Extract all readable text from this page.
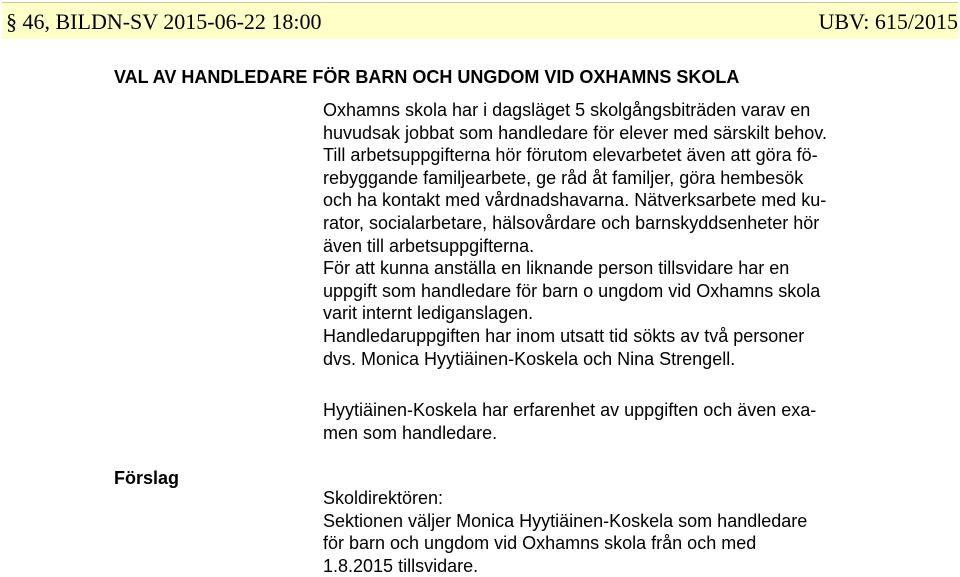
§ 46, BILDN-SV 2015-06-22 18:00	UBV: 615/2015
VAL AV HANDLEDARE FÖR BARN OCH UNGDOM VID OXHAMNS SKOLA

Oxhamns skola har i dagsläget 5 skolgångsbiträden varav en
huvudsak jobbat som handledare för elever med särskilt behov.
Till arbetsuppgifterna hör förutom elevarbetet även att göra fö-
rebyggande familjearbete, ge råd åt familjer, göra hembesök
och ha kontakt med vårdnadshavarna. Nätverksarbete med ku-
rator, socialarbetare, hälsovårdare och barnskyddsenheter hör
även till arbetsuppgifterna.
För att kunna anställa en liknande person tillsvidare har en
uppgift som handledare för barn o ungdom vid Oxhamns skola
varit internt lediganslagen.
Handledaruppgiften har inom utsatt tid sökts av två personer
dvs. Monica Hyytiäinen-Koskela och Nina Strengell.

Hyytiäinen-Koskela har erfarenhet av uppgiften och även exa-
men som handledare.

Förslag

Skoldirektören:
Sektionen väljer Monica Hyytiäinen-Koskela som handledare
för barn och ungdom vid Oxhamns skola från och med
1.8.2015 tillsvidare.
